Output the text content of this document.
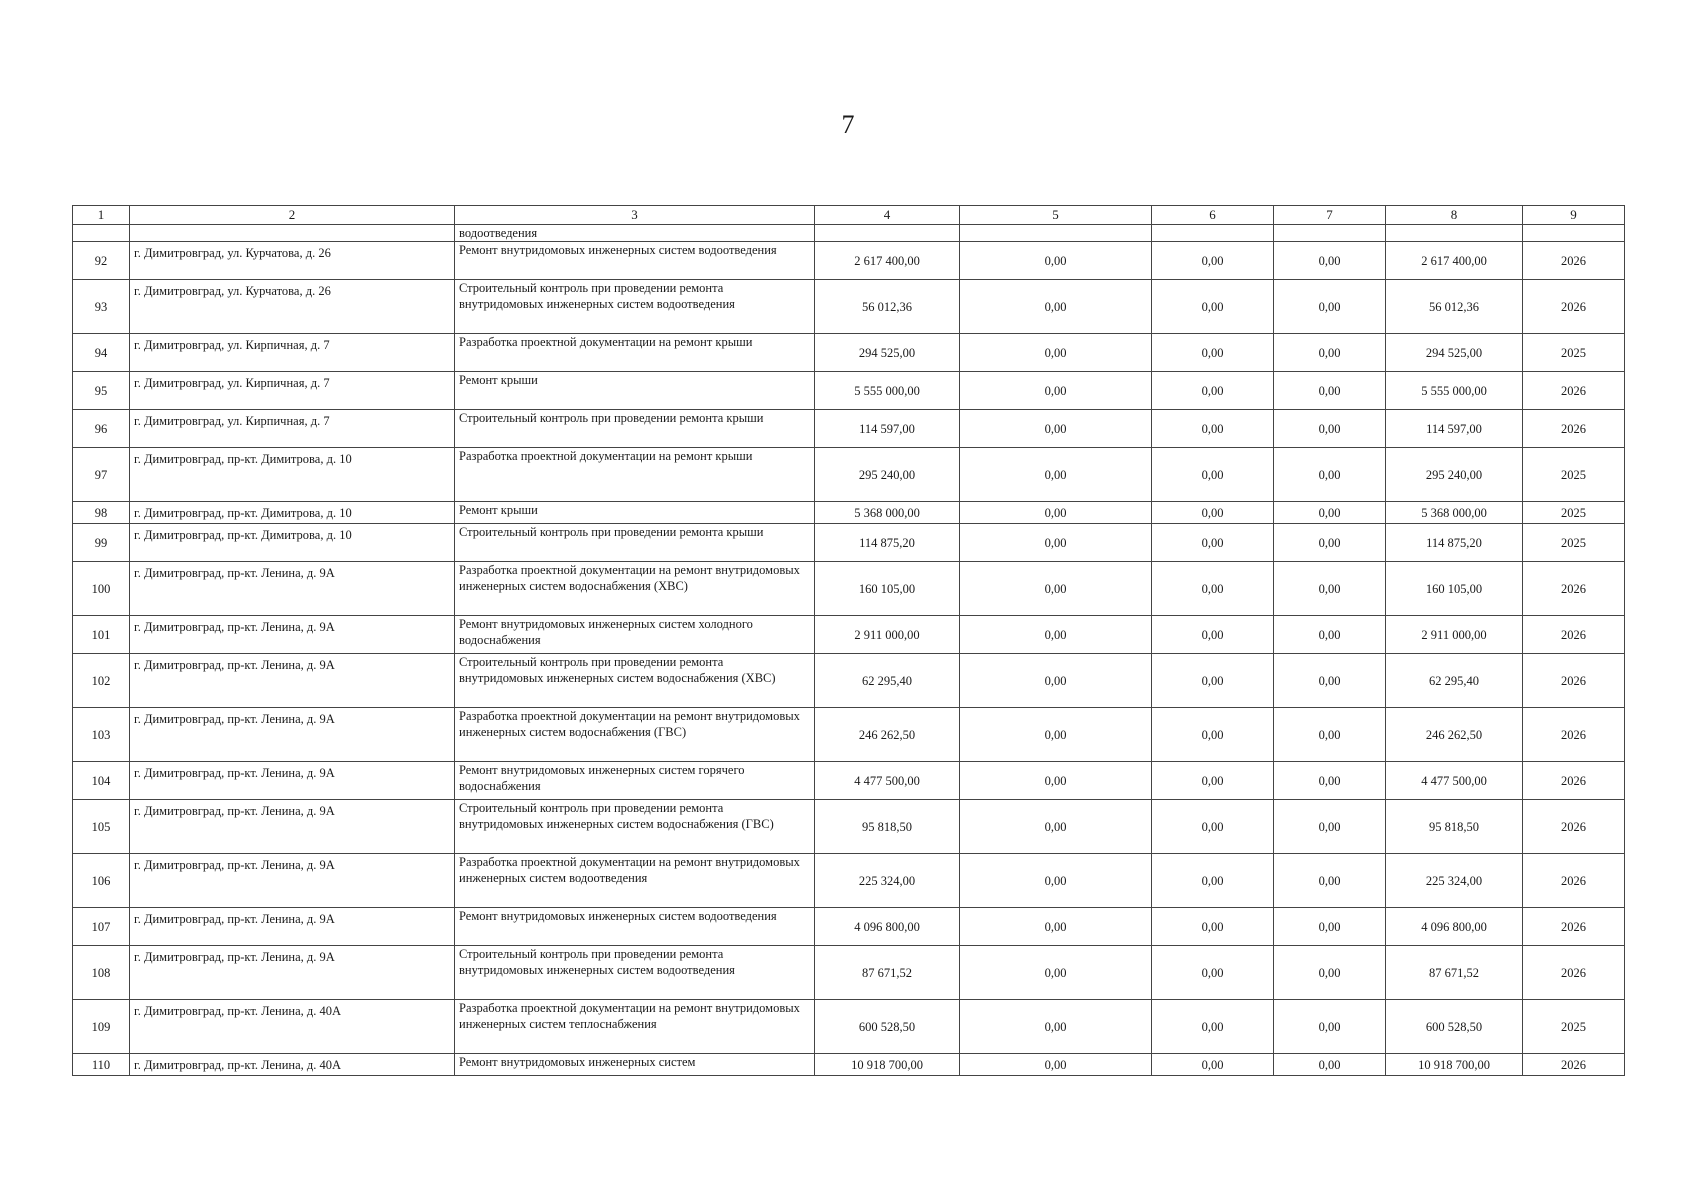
7
1	2	3	4	5	6	7	8	9
		водоотведения						
92	г. Димитровград, ул. Курчатова, д. 26	Ремонт внутридомовых инженерных систем водоотведения	2 617 400,00	0,00	0,00	0,00	2 617 400,00	2026
93	г. Димитровград, ул. Курчатова, д. 26	Строительный контроль при проведении ремонта внутридомовых инженерных систем водоотведения	56 012,36	0,00	0,00	0,00	56 012,36	2026
94	г. Димитровград, ул. Кирпичная, д. 7	Разработка проектной документации на ремонт крыши	294 525,00	0,00	0,00	0,00	294 525,00	2025
95	г. Димитровград, ул. Кирпичная, д. 7	Ремонт крыши	5 555 000,00	0,00	0,00	0,00	5 555 000,00	2026
96	г. Димитровград, ул. Кирпичная, д. 7	Строительный контроль при проведении ремонта крыши	114 597,00	0,00	0,00	0,00	114 597,00	2026
97	г. Димитровград, пр-кт. Димитрова, д. 10	Разработка проектной документации на ремонт крыши	295 240,00	0,00	0,00	0,00	295 240,00	2025
98	г. Димитровград, пр-кт. Димитрова, д. 10	Ремонт крыши	5 368 000,00	0,00	0,00	0,00	5 368 000,00	2025
99	г. Димитровград, пр-кт. Димитрова, д. 10	Строительный контроль при проведении ремонта крыши	114 875,20	0,00	0,00	0,00	114 875,20	2025
100	г. Димитровград, пр-кт. Ленина, д. 9А	Разработка проектной документации на ремонт внутридомовых инженерных систем водоснабжения (ХВС)	160 105,00	0,00	0,00	0,00	160 105,00	2026
101	г. Димитровград, пр-кт. Ленина, д. 9А	Ремонт внутридомовых инженерных систем холодного водоснабжения	2 911 000,00	0,00	0,00	0,00	2 911 000,00	2026
102	г. Димитровград, пр-кт. Ленина, д. 9А	Строительный контроль при проведении ремонта внутридомовых инженерных систем водоснабжения (ХВС)	62 295,40	0,00	0,00	0,00	62 295,40	2026
103	г. Димитровград, пр-кт. Ленина, д. 9А	Разработка проектной документации на ремонт внутридомовых инженерных систем водоснабжения (ГВС)	246 262,50	0,00	0,00	0,00	246 262,50	2026
104	г. Димитровград, пр-кт. Ленина, д. 9А	Ремонт внутридомовых инженерных систем горячего водоснабжения	4 477 500,00	0,00	0,00	0,00	4 477 500,00	2026
105	г. Димитровград, пр-кт. Ленина, д. 9А	Строительный контроль при проведении ремонта внутридомовых инженерных систем водоснабжения (ГВС)	95 818,50	0,00	0,00	0,00	95 818,50	2026
106	г. Димитровград, пр-кт. Ленина, д. 9А	Разработка проектной документации на ремонт внутридомовых инженерных систем водоотведения	225 324,00	0,00	0,00	0,00	225 324,00	2026
107	г. Димитровград, пр-кт. Ленина, д. 9А	Ремонт внутридомовых инженерных систем водоотведения	4 096 800,00	0,00	0,00	0,00	4 096 800,00	2026
108	г. Димитровград, пр-кт. Ленина, д. 9А	Строительный контроль при проведении ремонта внутридомовых инженерных систем водоотведения	87 671,52	0,00	0,00	0,00	87 671,52	2026
109	г. Димитровград, пр-кт. Ленина, д. 40А	Разработка проектной документации на ремонт внутридомовых инженерных систем теплоснабжения	600 528,50	0,00	0,00	0,00	600 528,50	2025
110	г. Димитровград, пр-кт. Ленина, д. 40А	Ремонт внутридомовых инженерных систем	10 918 700,00	0,00	0,00	0,00	10 918 700,00	2026
